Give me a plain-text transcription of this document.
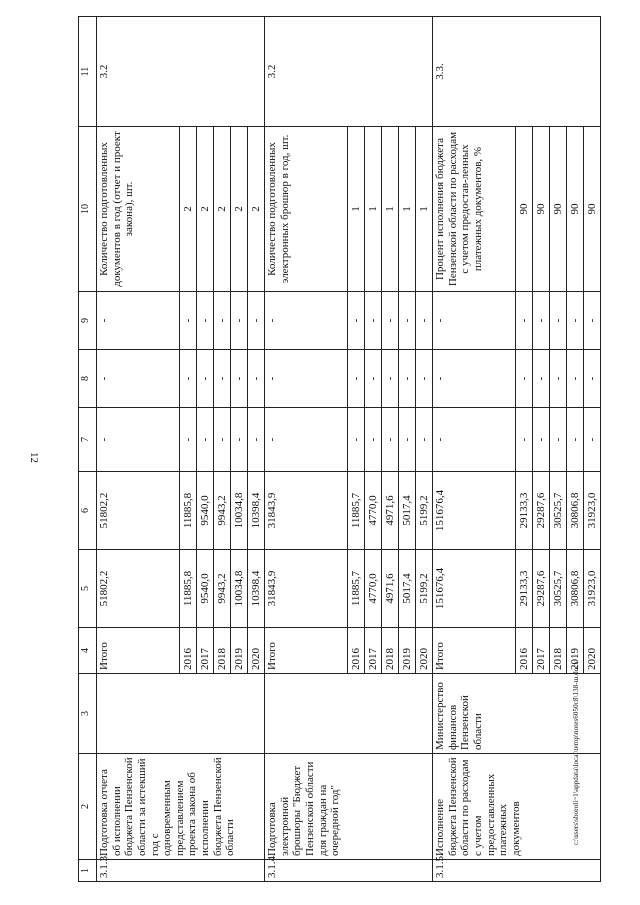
12
c:\users\sboroli~1\appdata\local\temp\notes6050c8\138-ш.docx
1	2	3	4	5	6	7	8	9	10	11
3.1.3.	Подготовка отчета об исполнении бюджета Пензенской области за истекший год с одновременным представлением проекта закона об исполнении бюджета Пензенской области		Итого	51802,2	51802,2	-	-	-	Количество подготовленных документов в год (отчет и проект закона), шт.	3.2
			2016	11885,8	11885,8	-	-	-	2	
			2017	9540,0	9540,0	-	-	-	2	
			2018	9943,2	9943,2	-	-	-	2	
			2019	10034,8	10034,8	-	-	-	2	
			2020	10398,4	10398,4	-	-	-	2	
3.1.4.	Подготовка электронной брошюры "Бюджет Пензенской области для граждан на очередной год"		Итого	31843,9	31843,9	-	-	-	Количество подготовленных электронных брошюр в год, шт.	3.2
			2016	11885,7	11885,7	-	-	-	1	
			2017	4770,0	4770,0	-	-	-	1	
			2018	4971,6	4971,6	-	-	-	1	
			2019	5017,4	5017,4	-	-	-	1	
			2020	5199,2	5199,2	-	-	-	1	
3.1.5.	Исполнение бюджета Пензенской области по расходам с учетом предоставленных платежных документов	Министерство финансов Пензенской области	Итого	151676,4	151676,4	-	-	-	Процент исполнения бюджета Пензенской области по расходам с учетом предостав-ленных платежных документов, %	3.3.
			2016	29133,3	29133,3	-	-	-	90	
			2017	29287,6	29287,6	-	-	-	90	
			2018	30525,7	30525,7	-	-	-	90	
			2019	30806,8	30806,8	-	-	-	90	
			2020	31923,0	31923,0	-	-	-	90	
